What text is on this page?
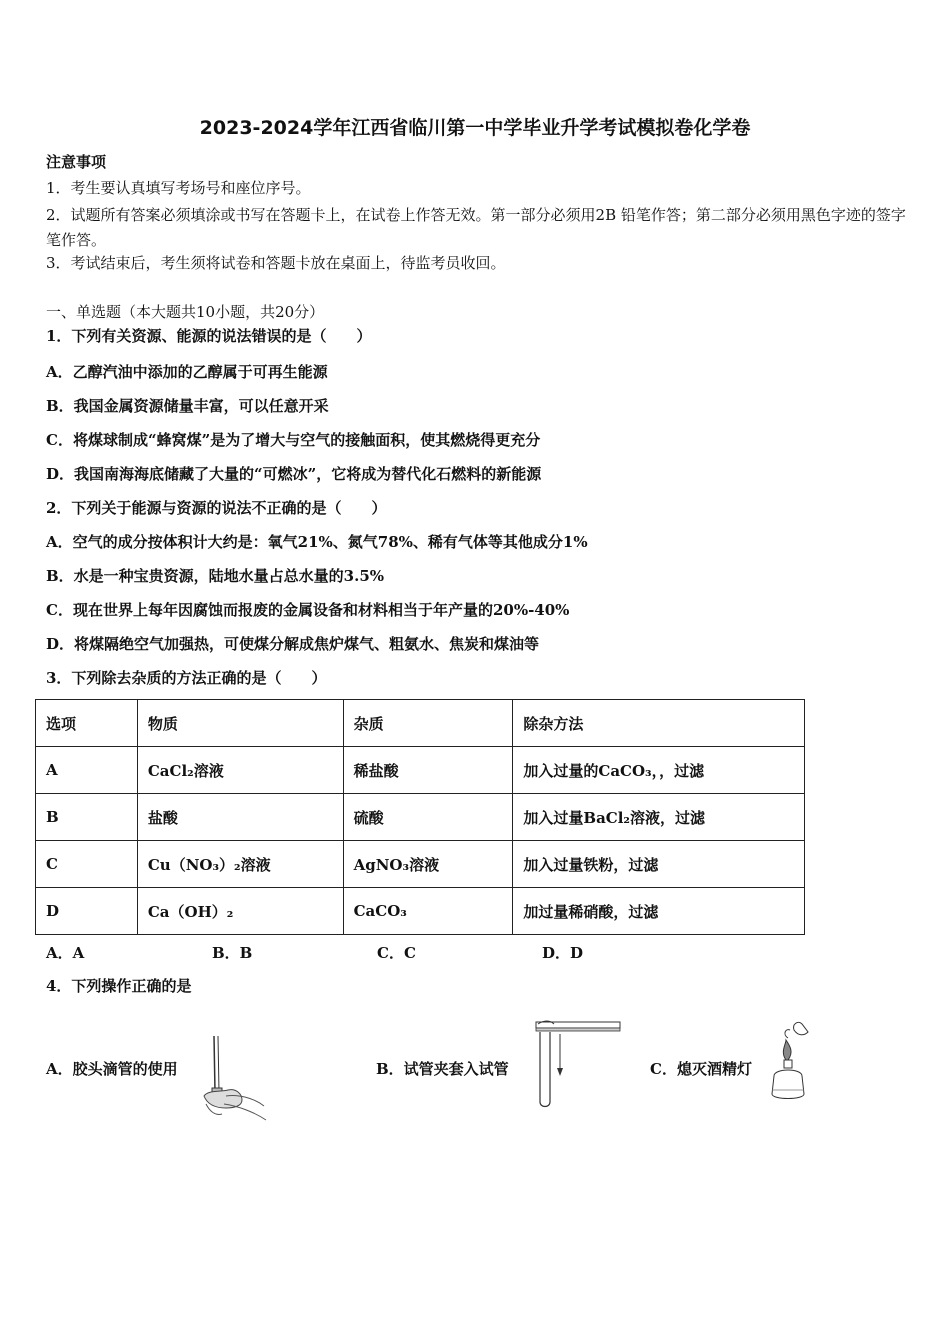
2023-2024学年江西省临川第一中学毕业升学考试模拟卷化学卷
注意事项
1．考生要认真填写考场号和座位序号。
2．试题所有答案必须填涂或书写在答题卡上，在试卷上作答无效。第一部分必须用2B 铅笔作答；第二部分必须用黑色字迹的签字笔作答。
3．考试结束后，考生须将试卷和答题卡放在桌面上，待监考员收回。
一、单选题（本大题共10小题，共20分）
1．下列有关资源、能源的说法错误的是（　　）
A．乙醇汽油中添加的乙醇属于可再生能源
B．我国金属资源储量丰富，可以任意开采
C．将煤球制成“蜂窝煤”是为了增大与空气的接触面积，使其燃烧得更充分
D．我国南海海底储藏了大量的“可燃冰”，它将成为替代化石燃料的新能源
2．下列关于能源与资源的说法不正确的是（　　）
A．空气的成分按体积计大约是：氧气21%、氮气78%、稀有气体等其他成分1%
B．水是一种宝贵资源，陆地水量占总水量的3.5%
C．现在世界上每年因腐蚀而报废的金属设备和材料相当于年产量的20%-40%
D．将煤隔绝空气加强热，可使煤分解成焦炉煤气、粗氨水、焦炭和煤油等
3．下列除去杂质的方法正确的是（　　）
选项	物质	杂质	除杂方法
A	CaCl₂溶液	稀盐酸	加入过量的CaCO₃，，过滤
B	盐酸	硫酸	加入过量BaCl₂溶液，过滤
C	Cu（NO₃）₂溶液	AgNO₃溶液	加入过量铁粉，过滤
D	Ca（OH）₂	CaCO₃	加过量稀硝酸，过滤
A．A	B．B	C．C	D．D
4．下列操作正确的是
A．胶头滴管的使用	B．试管夹套入试管	C．熄灭酒精灯
